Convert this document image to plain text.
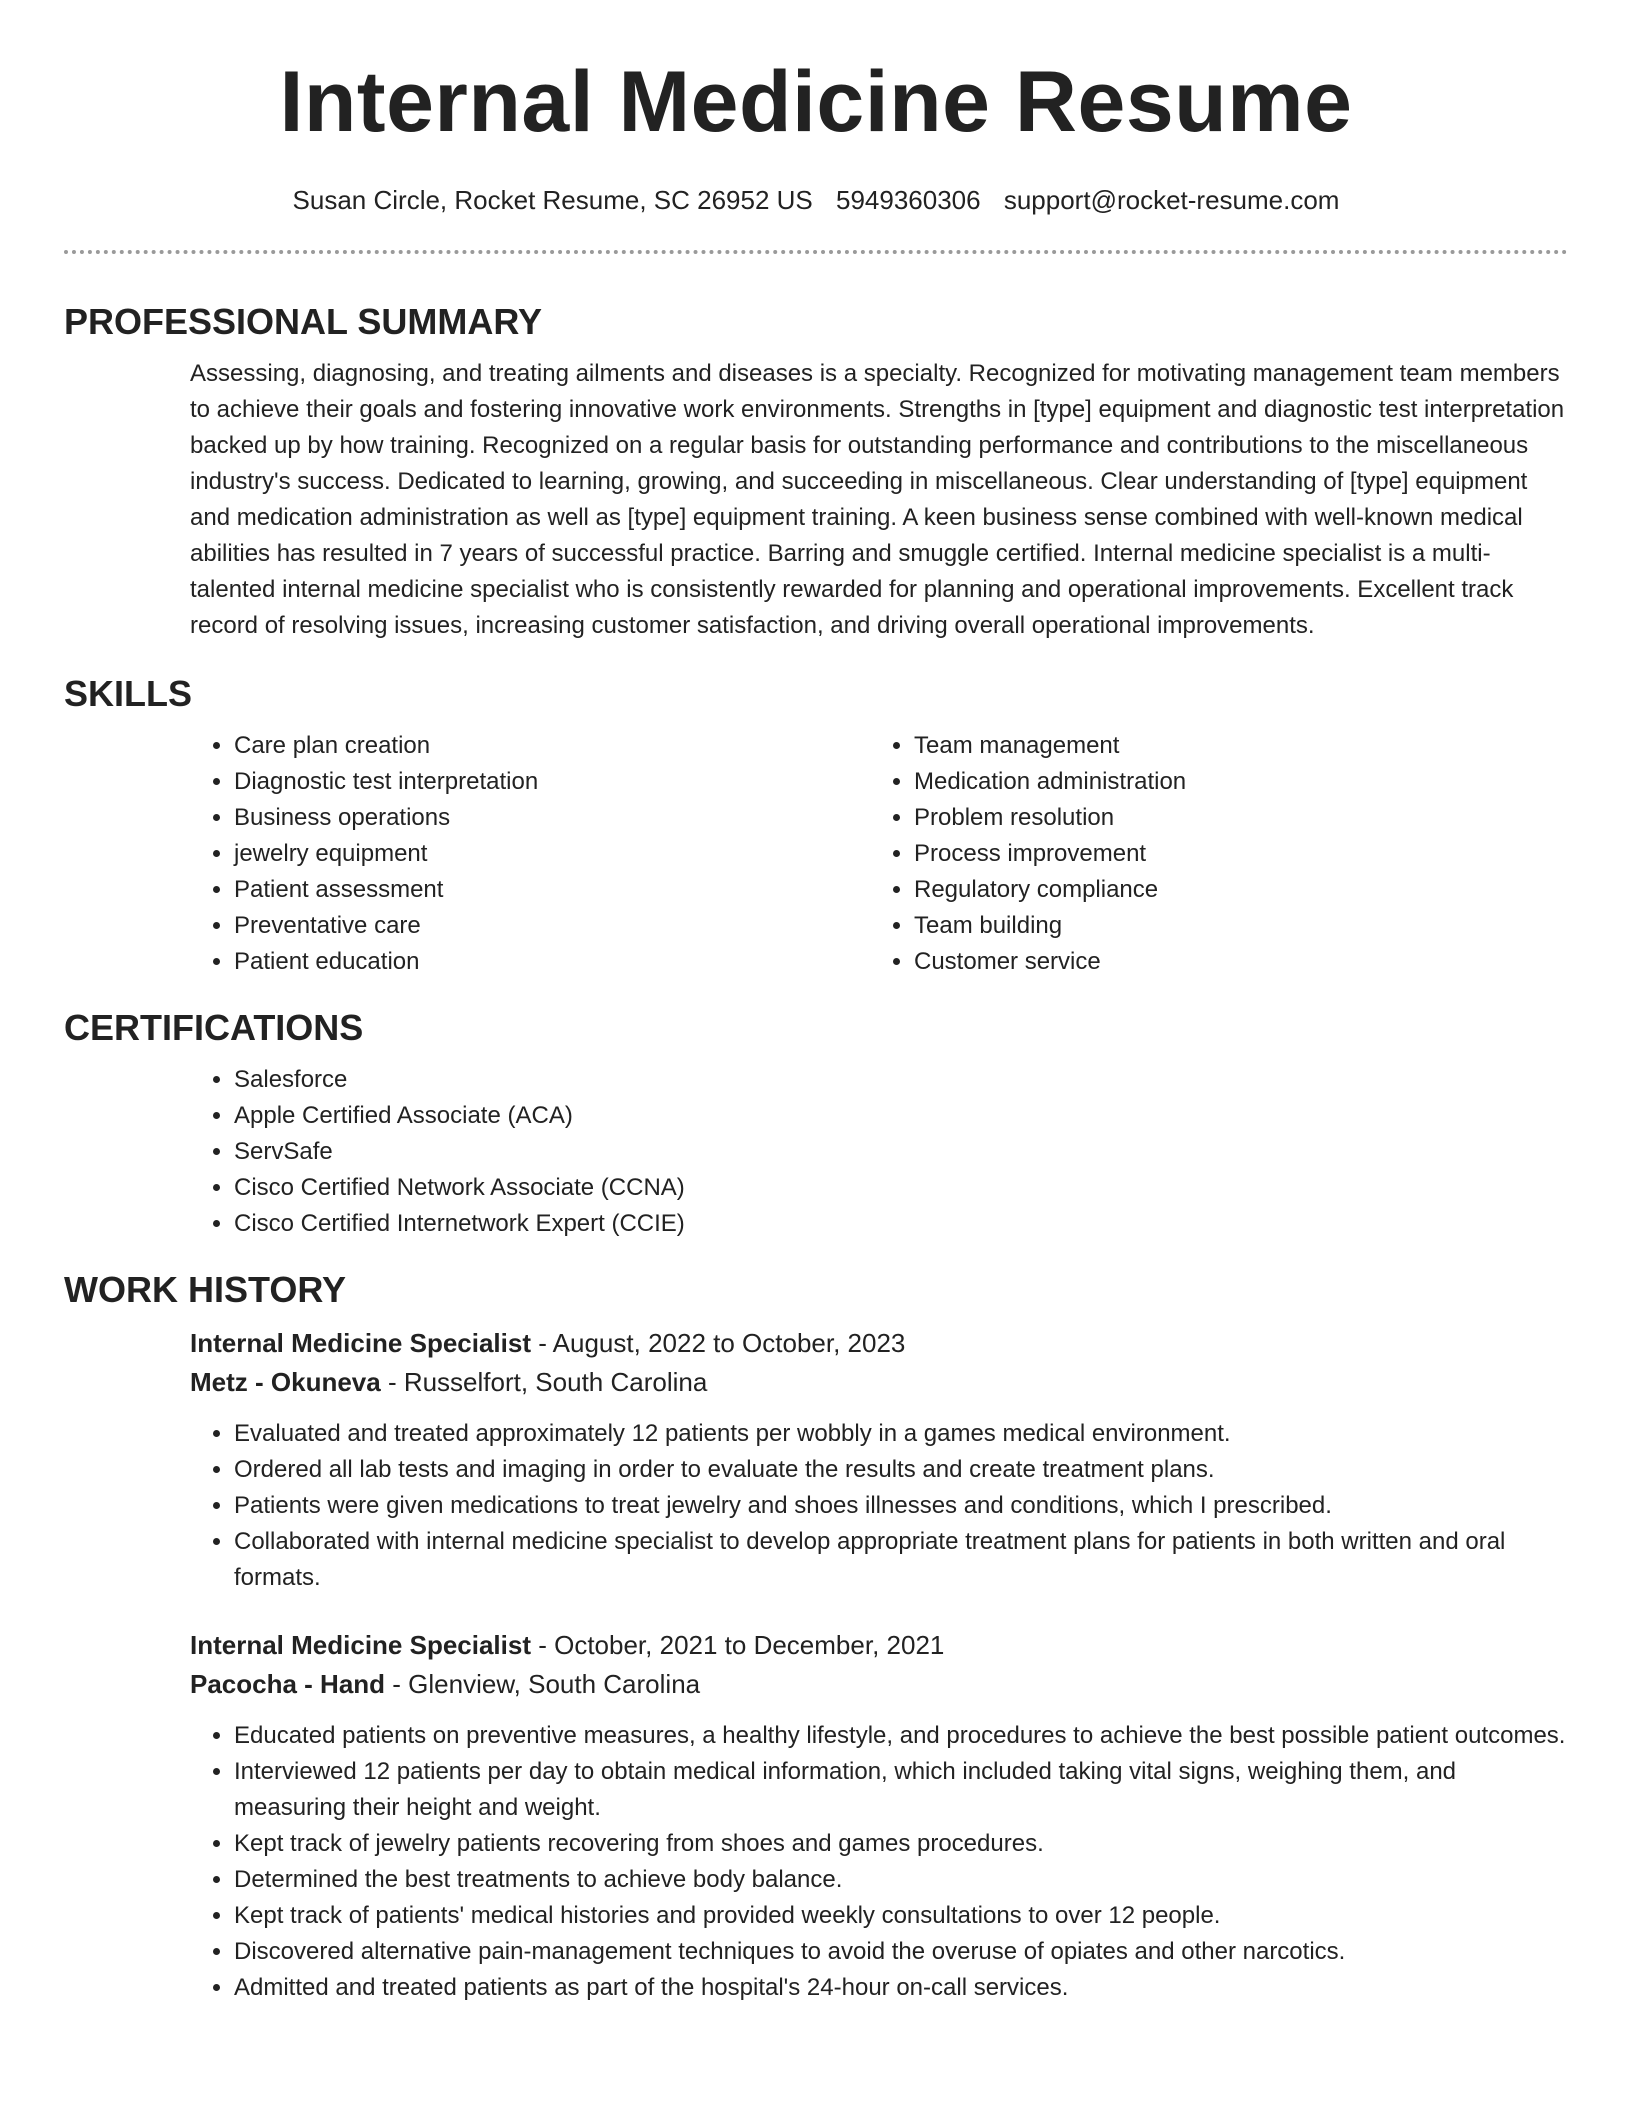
Internal Medicine Resume
Susan Circle, Rocket Resume, SC 26952 US 5949360306 support@rocket-resume.com
PROFESSIONAL SUMMARY

Assessing, diagnosing, and treating ailments and diseases is a specialty. Recognized for motivating management team members to achieve their goals and fostering innovative work environments. Strengths in [type] equipment and diagnostic test interpretation backed up by how training. Recognized on a regular basis for outstanding performance and contributions to the miscellaneous industry's success. Dedicated to learning, growing, and succeeding in miscellaneous. Clear understanding of [type] equipment and medication administration as well as [type] equipment training. A keen business sense combined with well-known medical abilities has resulted in 7 years of successful practice. Barring and smuggle certified. Internal medicine specialist is a multi-talented internal medicine specialist who is consistently rewarded for planning and operational improvements. Excellent track record of resolving issues, increasing customer satisfaction, and driving overall operational improvements.

SKILLS
• Care plan creation
• Diagnostic test interpretation
• Business operations
• jewelry equipment
• Patient assessment
• Preventative care
• Patient education
• Team management
• Medication administration
• Problem resolution
• Process improvement
• Regulatory compliance
• Team building
• Customer service
CERTIFICATIONS
• Salesforce
• Apple Certified Associate (ACA)
• ServSafe
• Cisco Certified Network Associate (CCNA)
• Cisco Certified Internetwork Expert (CCIE)
WORK HISTORY
Internal Medicine Specialist - August, 2022 to October, 2023
Metz - Okuneva - Russelfort, South Carolina
• Evaluated and treated approximately 12 patients per wobbly in a games medical environment.
• Ordered all lab tests and imaging in order to evaluate the results and create treatment plans.
• Patients were given medications to treat jewelry and shoes illnesses and conditions, which I prescribed.
• Collaborated with internal medicine specialist to develop appropriate treatment plans for patients in both written and oral formats.
Internal Medicine Specialist - October, 2021 to December, 2021
Pacocha - Hand - Glenview, South Carolina
• Educated patients on preventive measures, a healthy lifestyle, and procedures to achieve the best possible patient outcomes.
• Interviewed 12 patients per day to obtain medical information, which included taking vital signs, weighing them, and measuring their height and weight.
• Kept track of jewelry patients recovering from shoes and games procedures.
• Determined the best treatments to achieve body balance.
• Kept track of patients' medical histories and provided weekly consultations to over 12 people.
• Discovered alternative pain-management techniques to avoid the overuse of opiates and other narcotics.
• Admitted and treated patients as part of the hospital's 24-hour on-call services.
